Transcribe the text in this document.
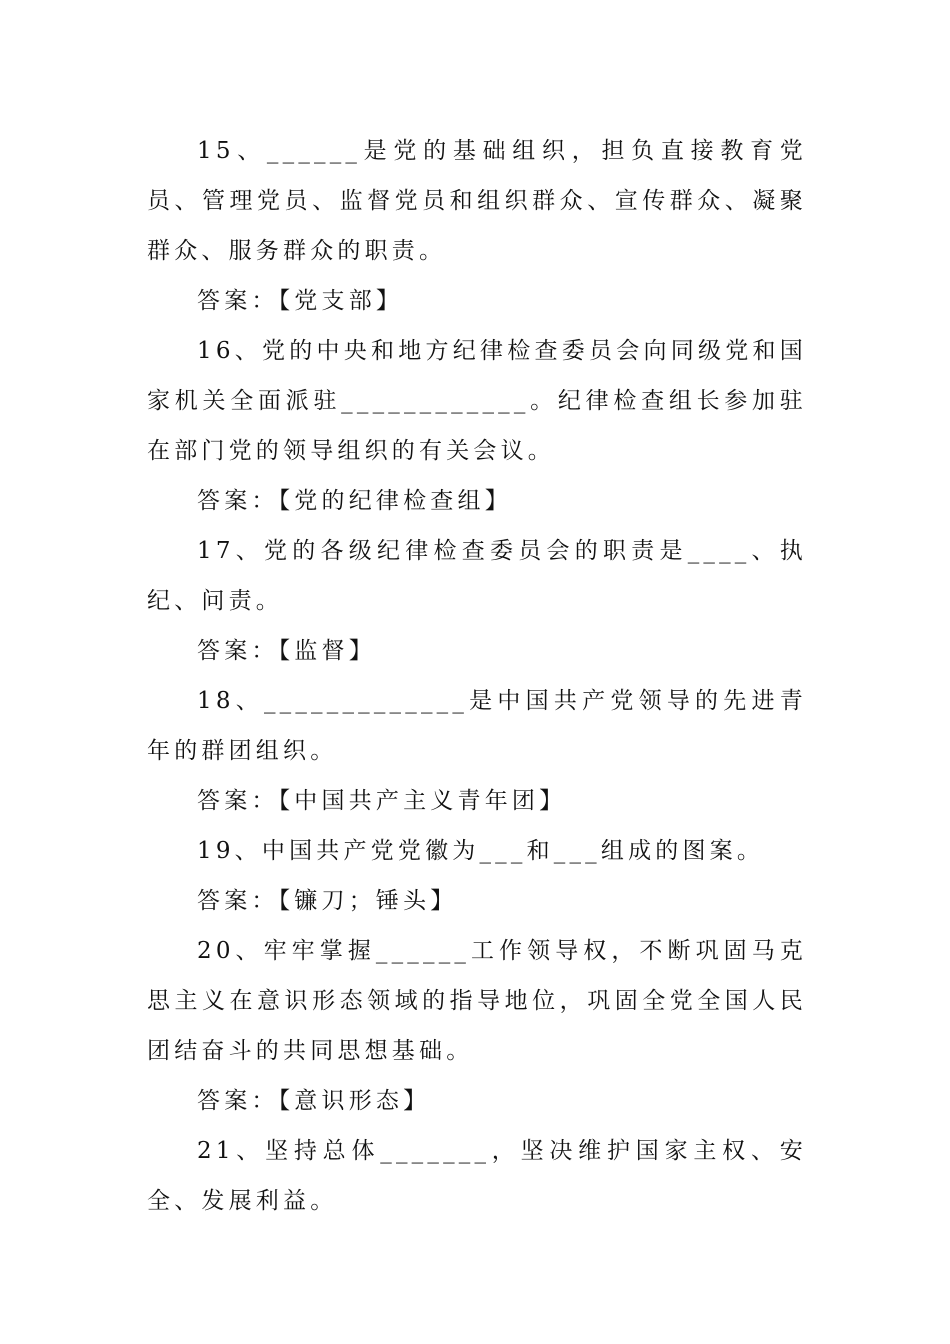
15、______是党的基础组织，担负直接教育党员、管理党员、监督党员和组织群众、宣传群众、凝聚群众、服务群众的职责。

答案：【党支部】

16、党的中央和地方纪律检查委员会向同级党和国家机关全面派驻____________。纪律检查组长参加驻在部门党的领导组织的有关会议。

答案：【党的纪律检查组】

17、党的各级纪律检查委员会的职责是____、执纪、问责。

答案：【监督】

18、_____________是中国共产党领导的先进青年的群团组织。

答案：【中国共产主义青年团】

19、中国共产党党徽为___和___组成的图案。

答案：【镰刀；锤头】

20、牢牢掌握______工作领导权，不断巩固马克思主义在意识形态领域的指导地位，巩固全党全国人民团结奋斗的共同思想基础。

答案：【意识形态】

21、坚持总体_______，坚决维护国家主权、安全、发展利益。
